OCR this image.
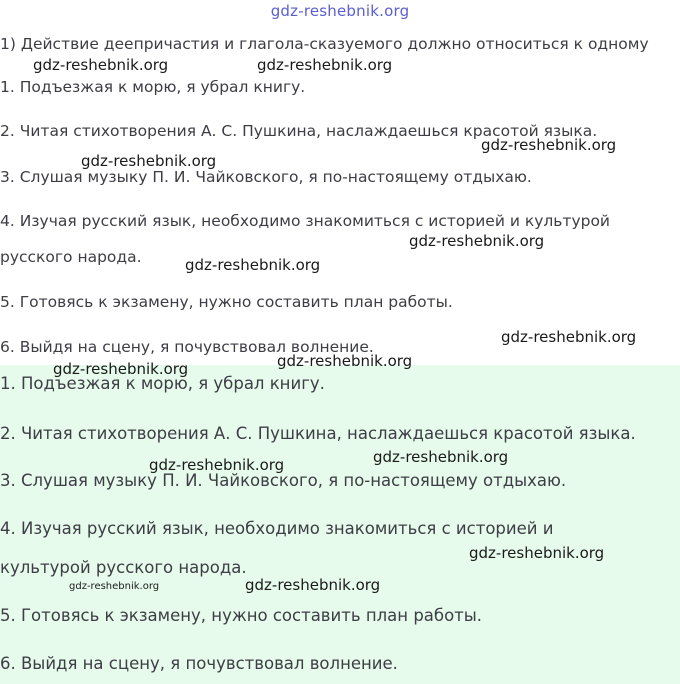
gdz-reshebnik.org
1) Действие деепричастия и глагола-сказуемого должно относиться к одному
1. Подъезжая к морю, я убрал книгу.
2. Читая стихотворения А. С. Пушкина, наслаждаешься красотой языка.
3. Слушая музыку П. И. Чайковского, я по-настоящему отдыхаю.
4. Изучая русский язык, необходимо знакомиться с историей и культурой
русского народа.
5. Готовясь к экзамену, нужно составить план работы.
6. Выйдя на сцену, я почувствовал волнение.
1. Подъезжая к морю, я убрал книгу.
2. Читая стихотворения А. С. Пушкина, наслаждаешься красотой языка.
3. Слушая музыку П. И. Чайковского, я по-настоящему отдыхаю.
4. Изучая русский язык, необходимо знакомиться с историей и
культурой русского народа.
5. Готовясь к экзамену, нужно составить план работы.
6. Выйдя на сцену, я почувствовал волнение.
gdz-reshebnik.org	gdz-reshebnik.org
gdz-reshebnik.org
gdz-reshebnik.org
gdz-reshebnik.org
gdz-reshebnik.org
gdz-reshebnik.org
gdz-reshebnik.org
gdz-reshebnik.org
gdz-reshebnik.org
gdz-reshebnik.org
gdz-reshebnik.org
gdz-reshebnik.org	gdz-reshebnik.org
